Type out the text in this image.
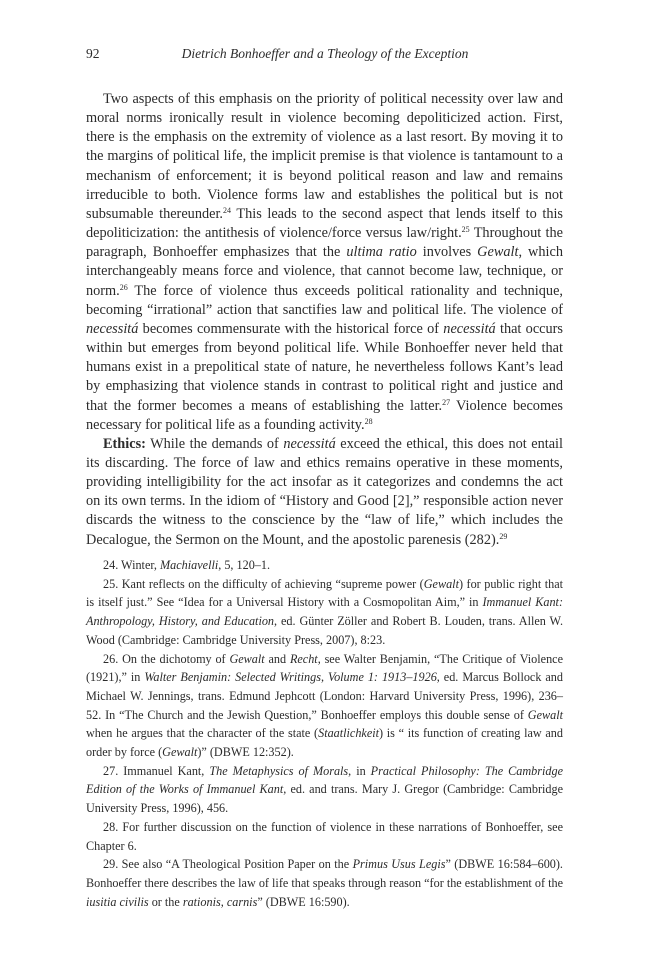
92	Dietrich Bonhoeffer and a Theology of the Exception

Two aspects of this emphasis on the priority of political necessity over law and moral norms ironically result in violence becoming depoliticized action. First, there is the emphasis on the extremity of violence as a last resort. By moving it to the margins of political life, the implicit premise is that violence is tantamount to a mechanism of enforcement; it is beyond political reason and law and remains irreducible to both. Violence forms law and establishes the political but is not subsumable thereunder.$^{24}$ This leads to the second aspect that lends itself to this depoliticization: the antithesis of violence/force versus law/right.$^{25}$ Throughout the paragraph, Bonhoeffer emphasizes that the ultima ratio involves Gewalt, which interchangeably means force and violence, that cannot become law, technique, or norm.$^{26}$ The force of violence thus exceeds political rationality and technique, becoming “irrational” action that sanctifies law and political life. The violence of necessitá becomes commensurate with the historical force of necessitá that occurs within but emerges from beyond political life. While Bonhoeffer never held that humans exist in a prepolitical state of nature, he nevertheless follows Kant’s lead by emphasizing that violence stands in contrast to political right and justice and that the former becomes a means of establishing the latter.$^{27}$ Violence becomes necessary for political life as a founding activity.$^{28}$

Ethics: While the demands of necessitá exceed the ethical, this does not entail its discarding. The force of law and ethics remains operative in these moments, providing intelligibility for the act insofar as it categorizes and condemns the act on its own terms. In the idiom of “History and Good [2],” responsible action never discards the witness to the conscience by the “law of life,” which includes the Decalogue, the Sermon on the Mount, and the apostolic parenesis (282).$^{29}$

24. Winter, Machiavelli, 5, 120–1.

25. Kant reflects on the difficulty of achieving “supreme power (Gewalt) for public right that is itself just.” See “Idea for a Universal History with a Cosmopolitan Aim,” in Immanuel Kant: Anthropology, History, and Education, ed. Günter Zöller and Robert B. Louden, trans. Allen W. Wood (Cambridge: Cambridge University Press, 2007), 8:23.

26. On the dichotomy of Gewalt and Recht, see Walter Benjamin, “The Critique of Violence (1921),” in Walter Benjamin: Selected Writings, Volume 1: 1913–1926, ed. Marcus Bollock and Michael W. Jennings, trans. Edmund Jephcott (London: Harvard University Press, 1996), 236–52. In “The Church and the Jewish Question,” Bonhoeffer employs this double sense of Gewalt when he argues that the character of the state (Staatlichkeit) is “ its function of creating law and order by force (Gewalt)” (DBWE 12:352).

27. Immanuel Kant, The Metaphysics of Morals, in Practical Philosophy: The Cambridge Edition of the Works of Immanuel Kant, ed. and trans. Mary J. Gregor (Cambridge: Cambridge University Press, 1996), 456.

28. For further discussion on the function of violence in these narrations of Bonhoeffer, see Chapter 6.

29. See also “A Theological Position Paper on the Primus Usus Legis” (DBWE 16:584–600). Bonhoeffer there describes the law of life that speaks through reason “for the establishment of the iusitia civilis or the rationis, carnis” (DBWE 16:590).
